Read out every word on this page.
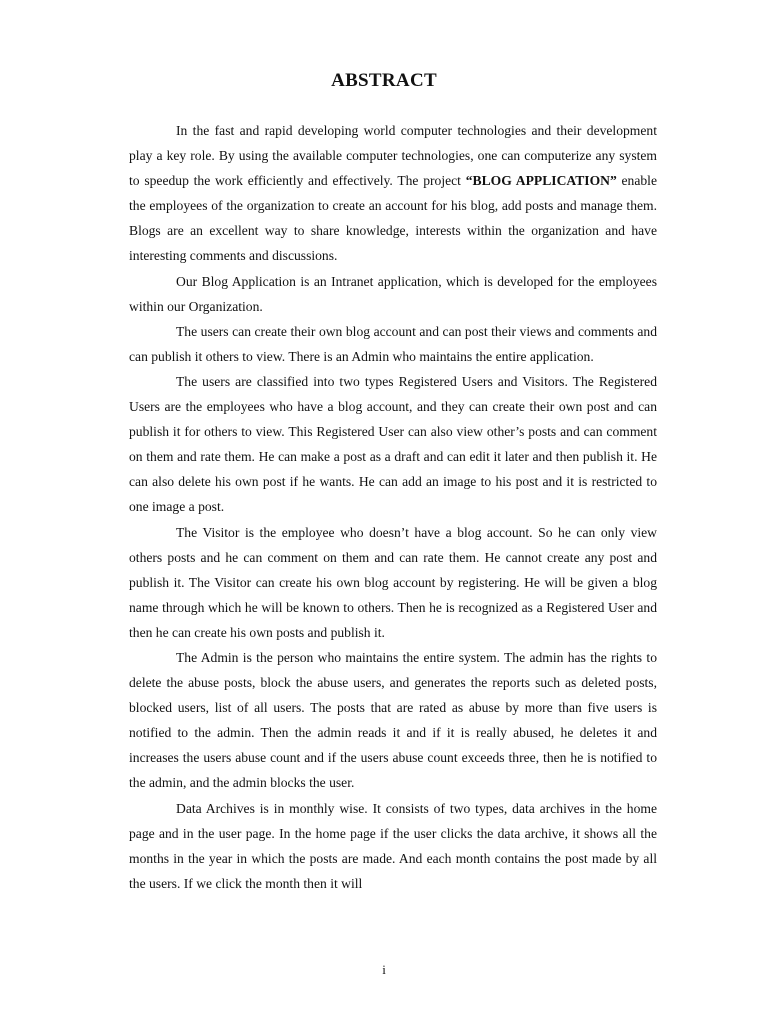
ABSTRACT

In the fast and rapid developing world computer technologies and their development play a key role. By using the available computer technologies, one can computerize any system to speedup the work efficiently and effectively. The project “BLOG APPLICATION” enable the employees of the organization to create an account for his blog, add posts and manage them. Blogs are an excellent way to share knowledge, interests within the organization and have interesting comments and discussions.

Our Blog Application is an Intranet application, which is developed for the employees within our Organization.

The users can create their own blog account and can post their views and comments and can publish it others to view. There is an Admin who maintains the entire application.

The users are classified into two types Registered Users and Visitors. The Registered Users are the employees who have a blog account, and they can create their own post and can publish it for others to view. This Registered User can also view other’s posts and can comment on them and rate them. He can make a post as a draft and can edit it later and then publish it. He can also delete his own post if he wants. He can add an image to his post and it is restricted to one image a post.

The Visitor is the employee who doesn’t have a blog account. So he can only view others posts and he can comment on them and can rate them. He cannot create any post and publish it. The Visitor can create his own blog account by registering. He will be given a blog name through which he will be known to others. Then he is recognized as a Registered User and then he can create his own posts and publish it.

The Admin is the person who maintains the entire system. The admin has the rights to delete the abuse posts, block the abuse users, and generates the reports such as deleted posts, blocked users, list of all users. The posts that are rated as abuse by more than five users is notified to the admin. Then the admin reads it and if it is really abused, he deletes it and increases the users abuse count and if the users abuse count exceeds three, then he is notified to the admin, and the admin blocks the user.

Data Archives is in monthly wise. It consists of two types, data archives in the home page and in the user page. In the home page if the user clicks the data archive, it shows all the months in the year in which the posts are made. And each month contains the post made by all the users. If we click the month then it will

i
